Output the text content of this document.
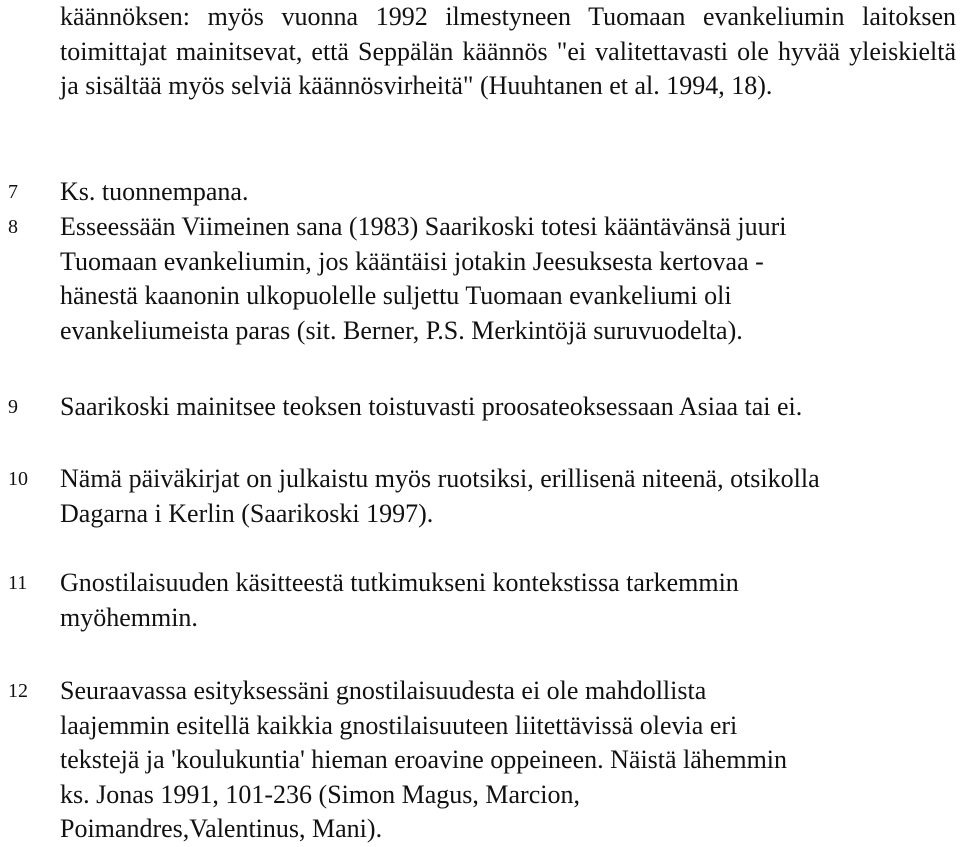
käännöksen: myös vuonna 1992 ilmestyneen Tuomaan evankeliumin laitoksen toimittajat mainitsevat, että Seppälän käännös "ei valitettavasti ole hyvää yleiskieltä ja sisältää myös selviä käännösvirheitä" (Huuhtanen et al. 1994, 18).
7 Ks. tuonnempana.
8 Esseessään Viimeinen sana (1983) Saarikoski totesi kääntävänsä juuri
Tuomaan evankeliumin, jos kääntäisi jotakin Jeesuksesta kertovaa -
hänestä kaanonin ulkopuolelle suljettu Tuomaan evankeliumi oli
evankeliumeista paras (sit. Berner, P.S. Merkintöjä suruvuodelta).
9 Saarikoski mainitsee teoksen toistuvasti proosateoksessaan Asiaa tai ei.
10 Nämä päiväkirjat on julkaistu myös ruotsiksi, erillisenä niteenä, otsikolla
Dagarna i Kerlin (Saarikoski 1997).
11 Gnostilaisuuden käsitteestä tutkimukseni kontekstissa tarkemmin
myöhemmin.
12 Seuraavassa esityksessäni gnostilaisuudesta ei ole mahdollista
laajemmin esitellä kaikkia gnostilaisuuteen liitettävissä olevia eri
tekstejä ja 'koulukuntia' hieman eroavine oppeineen. Näistä lähemmin
ks. Jonas 1991, 101-236 (Simon Magus, Marcion,
Poimandres,Valentinus, Mani).
